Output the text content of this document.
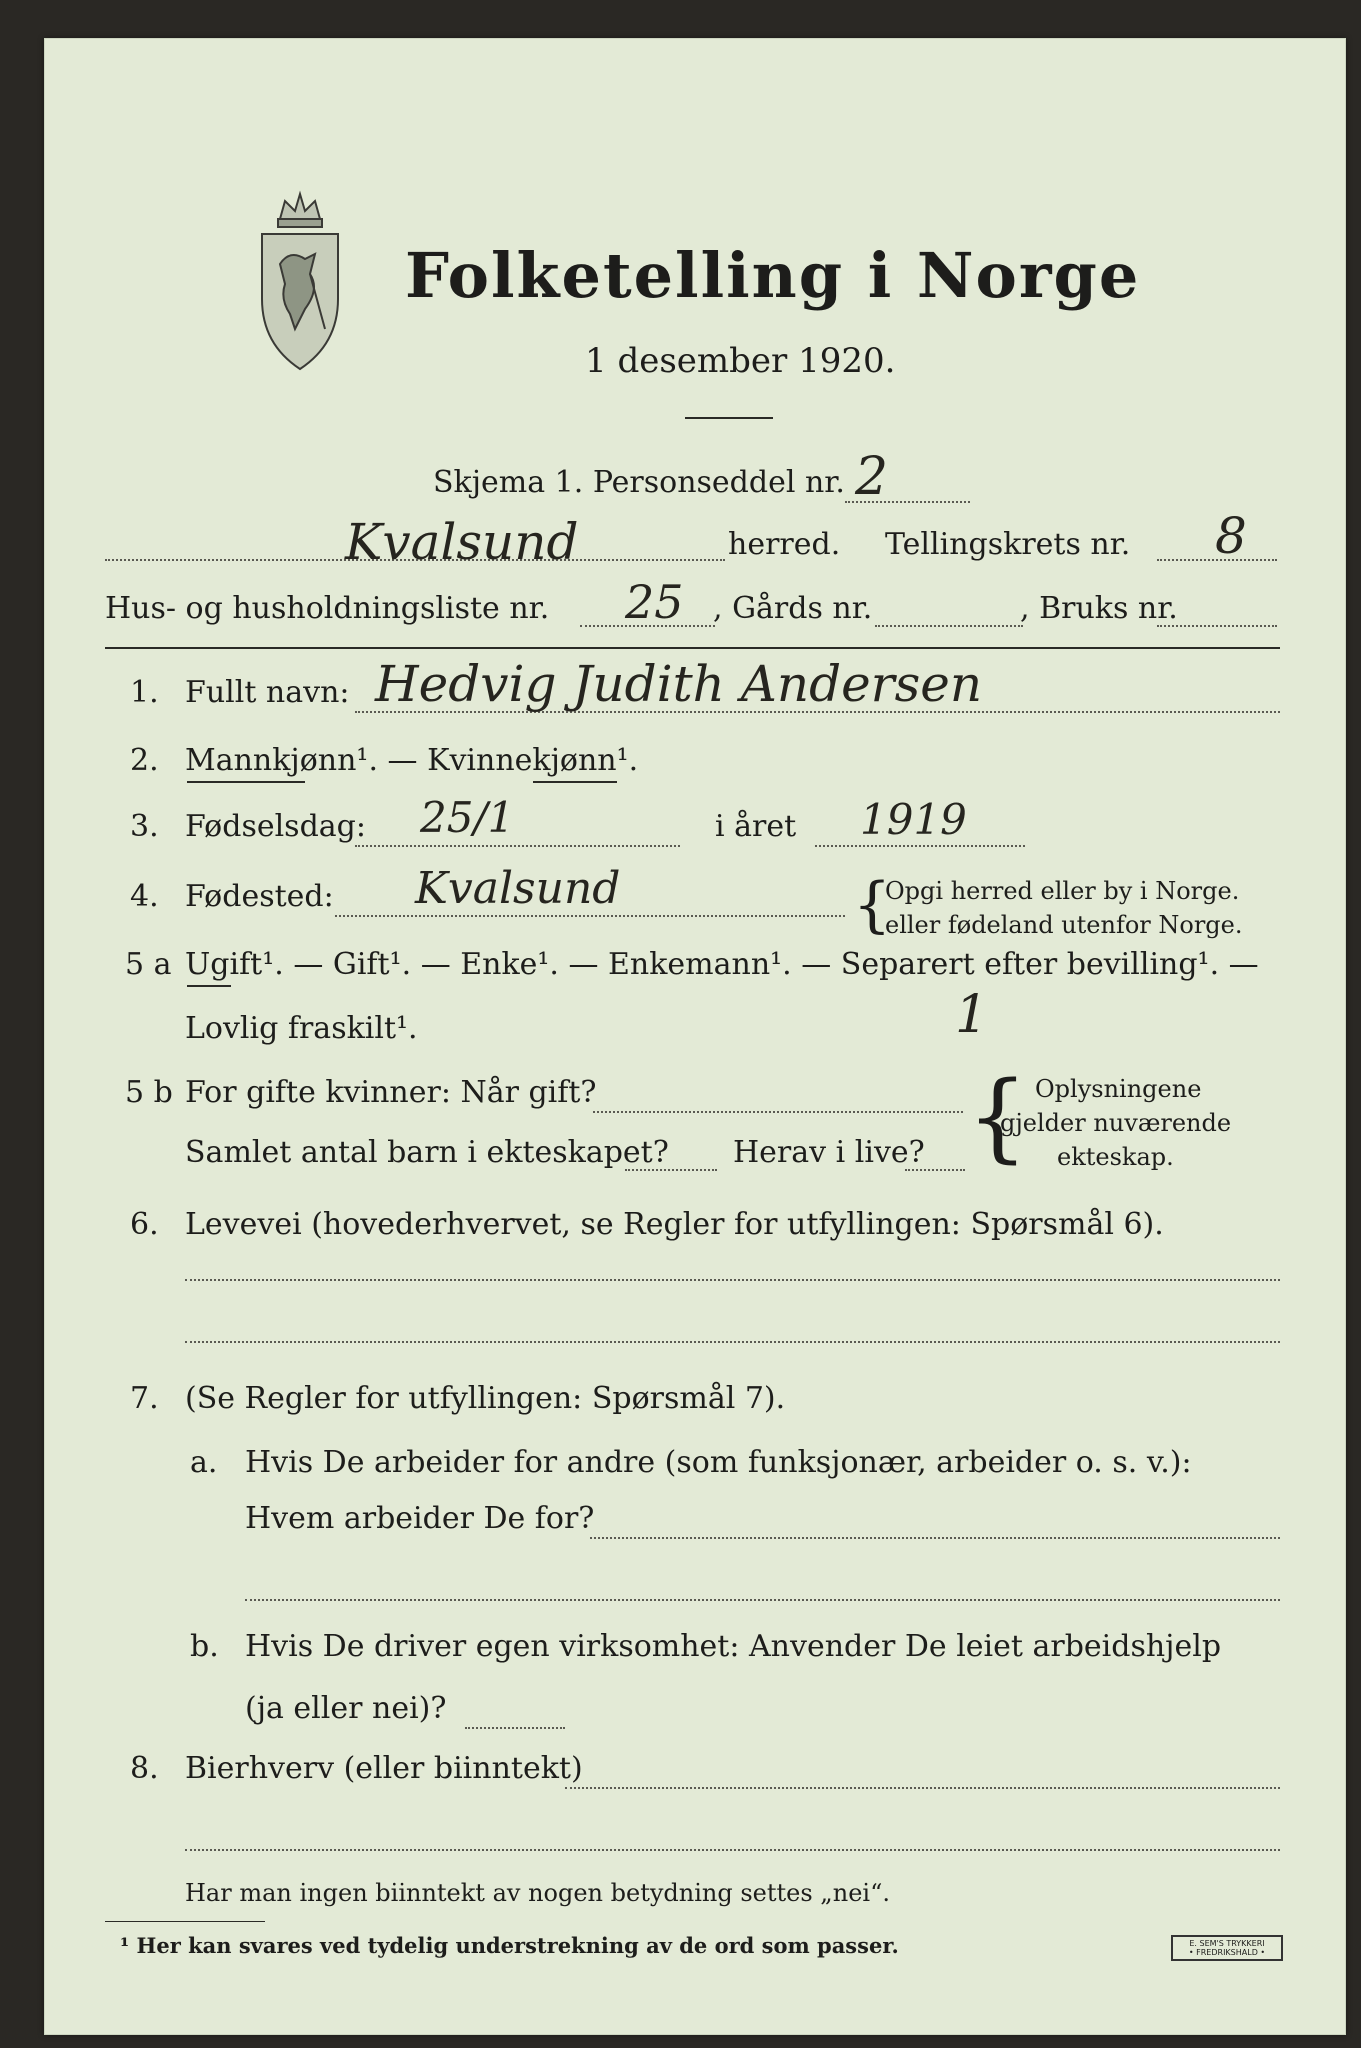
Folketelling i Norge
1 desember 1920.
Skjema 1. Personseddel nr. 2
Kvalsund	herred. Tellingskrets nr. 8
Hus- og husholdningsliste nr. 25 , Gårds nr.	, Bruks nr.
1. Fullt navn: Hedvig Judith Andersen
2. Mannkjønn¹. — Kvinnekjønn¹.
3. Fødselsdag: 25/1	i året 1919
4. Fødested: Kvalsund	{
Opgi herred eller by i Norge.
eller fødeland utenfor Norge.
5 a Ugift¹. — Gift¹. — Enke¹. — Enkemann¹. — Separert efter bevilling¹. —
Lovlig fraskilt¹.	1
5 b For gifte kvinner: Når gift?
Samlet antal barn i ekteskapet? Herav i live? { Oplysningene
gjelder nuværende
ekteskap.
6. Levevei (hovederhvervet, se Regler for utfyllingen: Spørsmål 6).
7. (Se Regler for utfyllingen: Spørsmål 7).
a. Hvis De arbeider for andre (som funksjonær, arbeider o. s. v.):
Hvem arbeider De for?
b. Hvis De driver egen virksomhet: Anvender De leiet arbeidshjelp
(ja eller nei)?
8. Bierhverv (eller biinntekt)
Har man ingen biinntekt av nogen betydning settes „nei“.
¹ Her kan svares ved tydelig understrekning av de ord som passer.	E. SEM'S TRYKKERI
• FREDRIKSHALD •
